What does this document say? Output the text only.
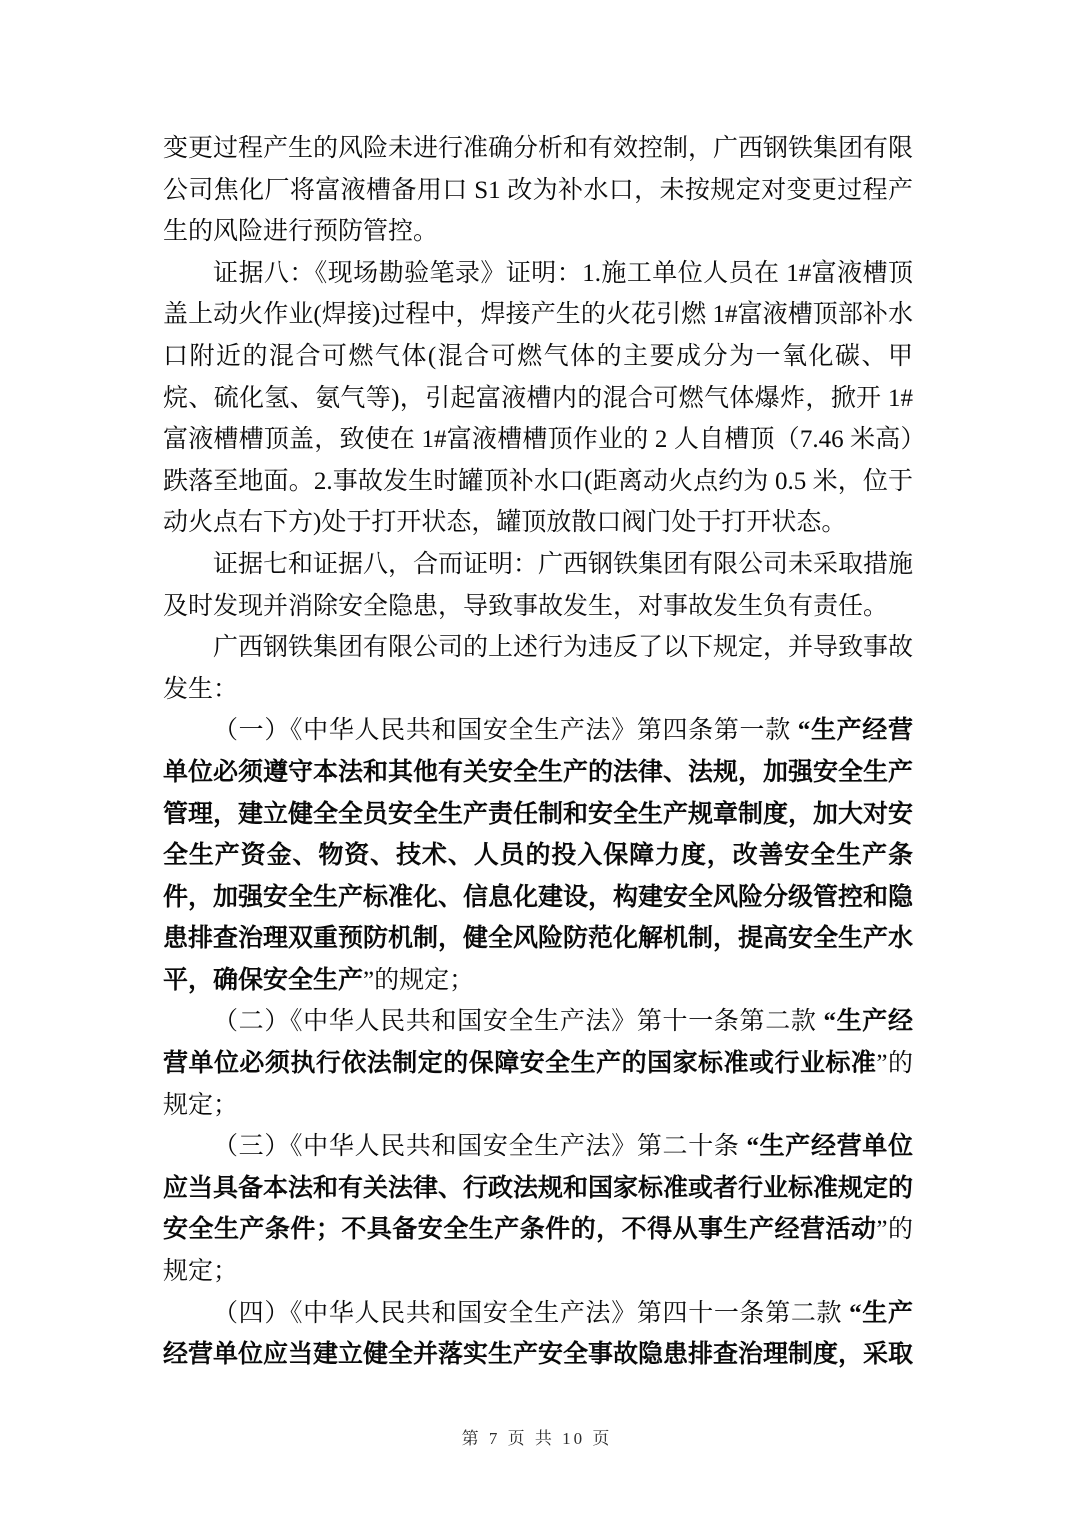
变更过程产生的风险未进行准确分析和有效控制，广西钢铁集团有限公司焦化厂将富液槽备用口 S1 改为补水口，未按规定对变更过程产生的风险进行预防管控。

证据八：《现场勘验笔录》证明：1.施工单位人员在 1#富液槽顶盖上动火作业(焊接)过程中，焊接产生的火花引燃 1#富液槽顶部补水口附近的混合可燃气体(混合可燃气体的主要成分为一氧化碳、甲烷、硫化氢、氨气等)，引起富液槽内的混合可燃气体爆炸，掀开 1#富液槽槽顶盖，致使在 1#富液槽槽顶作业的 2 人自槽顶（7.46 米高）跌落至地面。2.事故发生时罐顶补水口(距离动火点约为 0.5 米，位于动火点右下方)处于打开状态，罐顶放散口阀门处于打开状态。

证据七和证据八，合而证明：广西钢铁集团有限公司未采取措施及时发现并消除安全隐患，导致事故发生，对事故发生负有责任。

广西钢铁集团有限公司的上述行为违反了以下规定，并导致事故发生：

（一）《中华人民共和国安全生产法》第四条第一款 “生产经营单位必须遵守本法和其他有关安全生产的法律、法规，加强安全生产管理，建立健全全员安全生产责任制和安全生产规章制度，加大对安全生产资金、物资、技术、人员的投入保障力度，改善安全生产条件，加强安全生产标准化、信息化建设，构建安全风险分级管控和隐患排查治理双重预防机制，健全风险防范化解机制，提高安全生产水平，确保安全生产”的规定；

（二）《中华人民共和国安全生产法》第十一条第二款 “生产经营单位必须执行依法制定的保障安全生产的国家标准或行业标准”的规定；

（三）《中华人民共和国安全生产法》第二十条 “生产经营单位应当具备本法和有关法律、行政法规和国家标准或者行业标准规定的安全生产条件；不具备安全生产条件的，不得从事生产经营活动”的规定；

（四）《中华人民共和国安全生产法》第四十一条第二款 “生产经营单位应当建立健全并落实生产安全事故隐患排查治理制度，采取

第 7 页 共 10 页
